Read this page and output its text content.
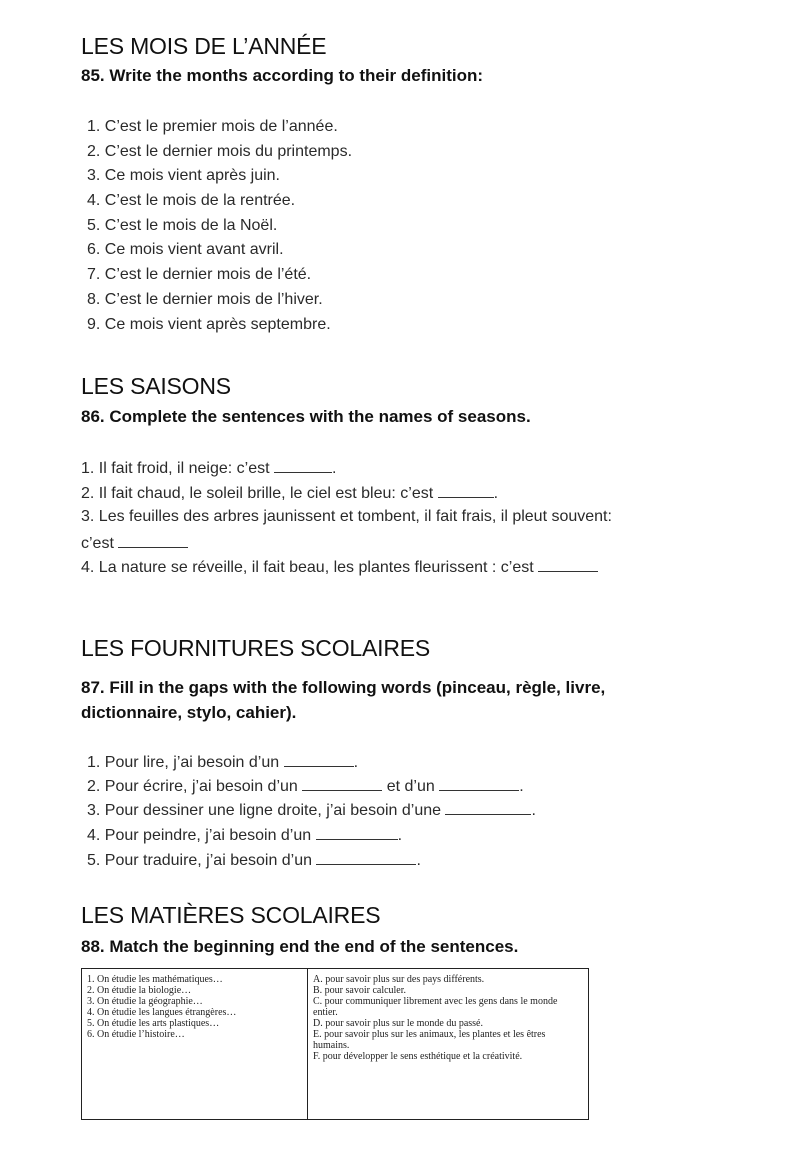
LES MOIS DE L’ANNÉE
85. Write the months according to their definition:
1. C’est le premier mois de l’année.
2. C’est le dernier mois du printemps.
3. Ce mois vient après juin.
4. C’est le mois de la rentrée.
5. C’est le mois de la Noël.
6. Ce mois vient avant avril.
7. C’est le dernier mois de l’été.
8. C’est le dernier mois de l’hiver.
9. Ce mois vient après septembre.
LES SAISONS
86. Complete the sentences with the names of seasons.
1. Il fait froid, il neige: c’est	.
2. Il fait chaud, le soleil brille, le ciel est bleu: c’est	.
3. Les feuilles des arbres jaunissent et tombent, il fait frais, il pleut souvent:
c’est
4. La nature se réveille, il fait beau, les plantes fleurissent : c’est
LES FOURNITURES SCOLAIRES
87. Fill in the gaps with the following words (pinceau, règle, livre,
dictionnaire, stylo, cahier).
1. Pour lire, j’ai besoin d’un	.
2. Pour écrire, j’ai besoin d’un	et d’un	.
3. Pour dessiner une ligne droite, j’ai besoin d’une	.
4. Pour peindre, j’ai besoin d’un	.
5. Pour traduire, j’ai besoin d’un	.
LES MATIÈRES SCOLAIRES
88. Match the beginning end the end of the sentences.
1. On étudie les mathématiques…
2. On étudie la biologie…
3. On étudie la géographie…
4. On étudie les langues étrangères…
5. On étudie les arts plastiques…
6. On étudie l’histoire…

A. pour savoir plus sur des pays différents.
B. pour savoir calculer.
C. pour communiquer librement avec les gens dans le monde entier.
D. pour savoir plus sur le monde du passé.
E. pour savoir plus sur les animaux, les plantes et les êtres humains.
F. pour développer le sens esthétique et la créativité.
